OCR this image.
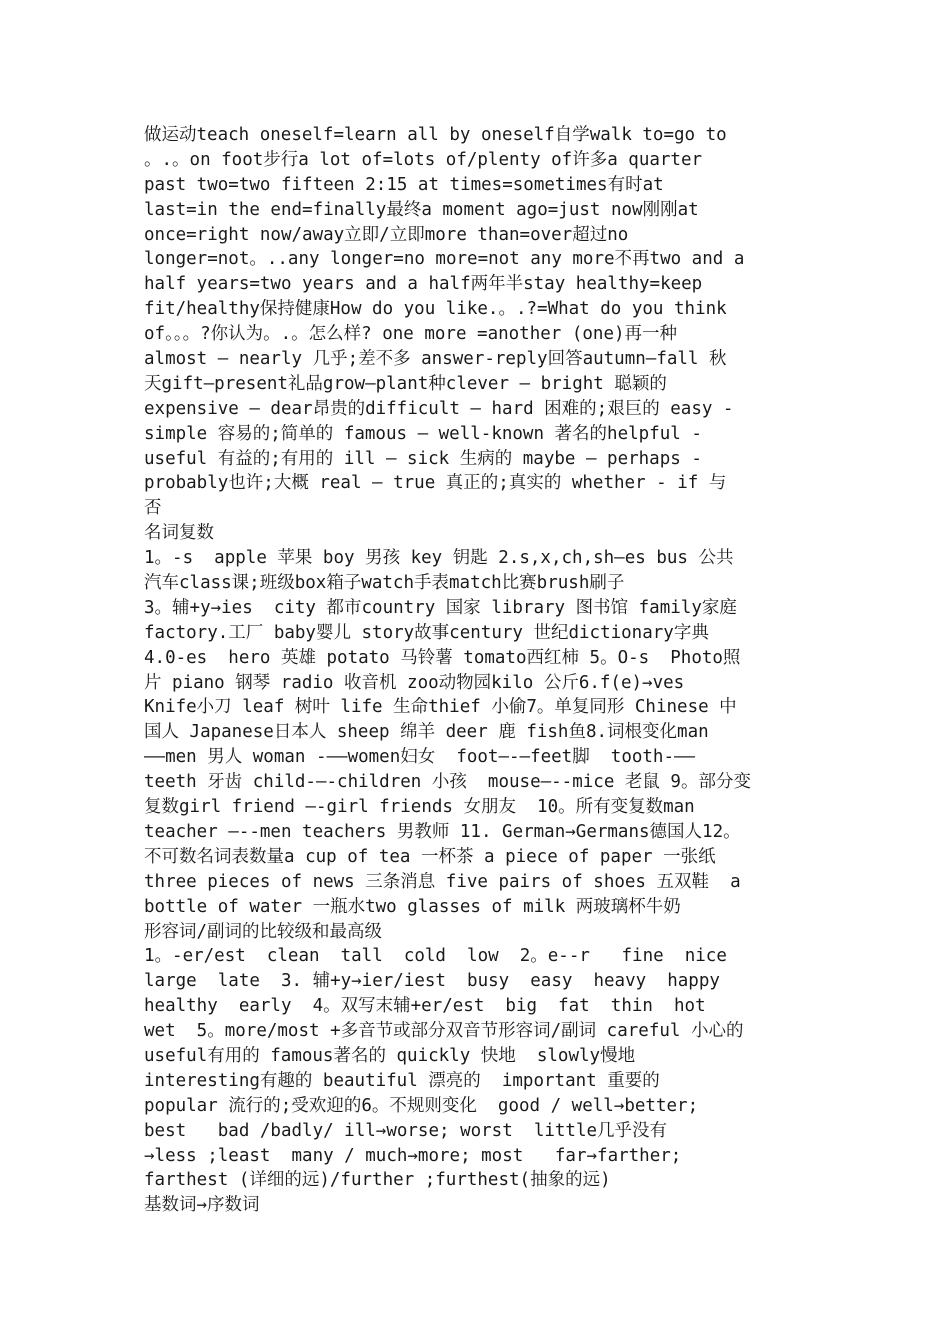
做运动teach oneself=learn all by oneself自学walk to=go to
。.。on foot步行a lot of=lots of/plenty of许多a quarter
past two=two fifteen 2:15 at times=sometimes有时at
last=in the end=finally最终a moment ago=just now刚刚at
once=right now/away立即/立即more than=over超过no
longer=not。..any longer=no more=not any more不再two and a
half years=two years and a half两年半stay healthy=keep
fit/healthy保持健康How do you like.。.?=What do you think
of。。。?你认为。.。怎么样? one more =another (one)再一种
almost — nearly 几乎;差不多 answer-reply回答autumn—fall 秋
天gift—present礼品grow—plant种clever — bright 聪颖的
expensive — dear昂贵的difficult — hard 困难的;艰巨的 easy -
simple 容易的;简单的 famous — well-known 著名的helpful -
useful 有益的;有用的 ill — sick 生病的 maybe — perhaps -
probably也许;大概 real — true 真正的;真实的 whether - if 与
否
名词复数
1。-s  apple 苹果 boy 男孩 key 钥匙 2.s,x,ch,sh—es bus 公共
汽车class课;班级box箱子watch手表match比赛brush刷子
3。辅+y→ies  city 都市country 国家 library 图书馆 family家庭
factory.工厂 baby婴儿 story故事century 世纪dictionary字典
4.0-es  hero 英雄 potato 马铃薯 tomato西红柿 5。O-s  Photo照
片 piano 钢琴 radio 收音机 zoo动物园kilo 公斤6.f(e)→ves
Knife小刀 leaf 树叶 life 生命thief 小偷7。单复同形 Chinese 中
国人 Japanese日本人 sheep 绵羊 deer 鹿 fish鱼8.词根变化man
——men 男人 woman -——women妇女  foot—-—feet脚  tooth-——
teeth 牙齿 child-—-children 小孩  mouse—--mice 老鼠 9。部分变
复数girl friend —-girl friends 女朋友  10。所有变复数man
teacher —--men teachers 男教师 11. German→Germans德国人12。
不可数名词表数量a cup of tea 一杯茶 a piece of paper 一张纸
three pieces of news 三条消息 five pairs of shoes 五双鞋  a
bottle of water 一瓶水two glasses of milk 两玻璃杯牛奶
形容词/副词的比较级和最高级
1。-er/est  clean  tall  cold  low  2。e--r   fine  nice
large  late  3. 辅+y→ier/iest  busy  easy  heavy  happy
healthy  early  4。双写末辅+er/est  big  fat  thin  hot
wet  5。more/most +多音节或部分双音节形容词/副词 careful 小心的
useful有用的 famous著名的 quickly 快地  slowly慢地
interesting有趣的 beautiful 漂亮的  important 重要的
popular 流行的;受欢迎的6。不规则变化  good / well→better;
best   bad /badly/ ill→worse; worst  little几乎没有
→less ;least  many / much→more; most   far→farther;
farthest (详细的远)/further ;furthest(抽象的远)
基数词→序数词
